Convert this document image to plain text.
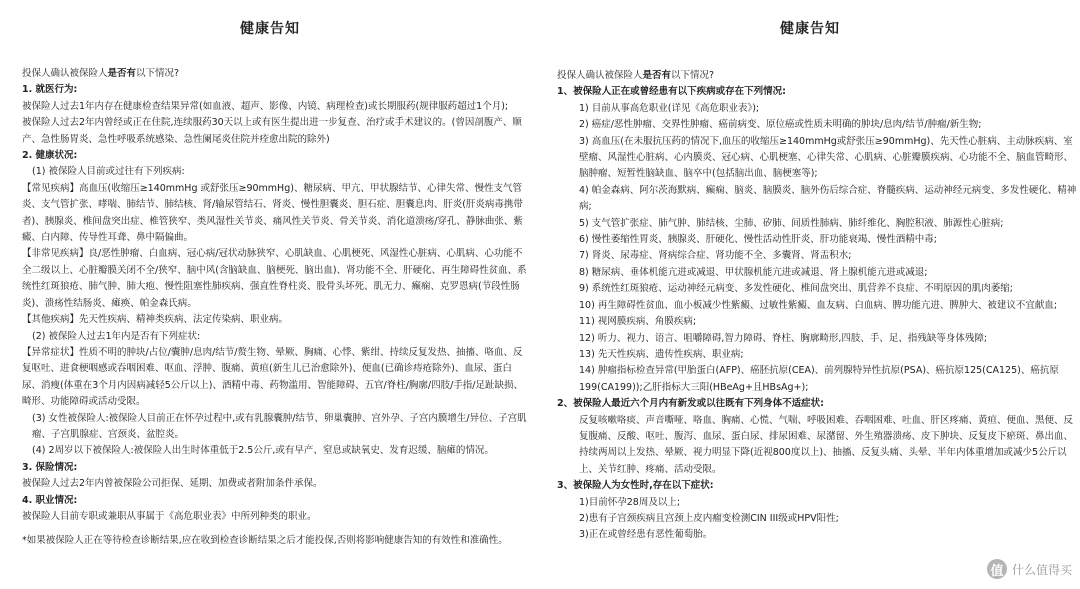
健康告知
投保人确认被保险人是否有以下情况?
1. 就医行为:
被保险人过去1年内存在健康检查结果异常(如血液、超声、影像、内镜、病理检查)或长期服药(规律服药超过1个月);
被保险人过去2年内曾经或正在住院,连续服药30天以上或有医生提出进一步复查、治疗或手术建议的。(曾因剖腹产、顺产、急性肠胃炎、急性呼吸系统感染、急性阑尾炎住院并痊愈出院的除外)
2. 健康状况:
(1) 被保险人目前或过往有下列疾病:
【常见疾病】高血压(收缩压≥140mmHg 或舒张压≥90mmHg)、糖尿病、甲亢、甲状腺结节、心律失常、慢性支气管炎、支气管扩张、哮喘、肺结节、肺结核、肾/输尿管结石、肾炎、慢性胆囊炎、胆石症、胆囊息肉、肝炎(肝炎病毒携带者)、胰腺炎、椎间盘突出症、椎管狭窄、类风湿性关节炎、痛风性关节炎、骨关节炎、消化道溃疡/穿孔、静脉曲张、紫癜、白内障、传导性耳聋、鼻中隔偏曲。
【非常见疾病】良/恶性肿瘤、白血病、冠心病/冠状动脉狭窄、心肌缺血、心肌梗死、风湿性心脏病、心肌病、心功能不全二级以上、心脏瓣膜关闭不全/狭窄、脑中风(含脑缺血、脑梗死、脑出血)、肾功能不全、肝硬化、再生障碍性贫血、系统性红斑狼疮、肺气肿、肺大疱、慢性阻塞性肺疾病、强直性脊柱炎、股骨头坏死、肌无力、癫痫、克罗恩病(节段性肠炎)、溃疡性结肠炎、瘫痪、帕金森氏病。
【其他疾病】先天性疾病、精神类疾病、法定传染病、职业病。
(2) 被保险人过去1年内是否有下列症状:
【异常症状】性质不明的肿块/占位/囊肿/息肉/结节/赘生物、晕厥、胸痛、心悸、紫绀、持续反复发热、抽搐、咯血、反复呕吐、进食梗咽感或吞咽困难、呕血、浮肿、腹痛、黄疸(新生儿已治愈除外)、便血(已确诊痔疮除外)、血尿、蛋白尿、消瘦(体重在3个月内因病减轻5公斤以上)、酒精中毒、药物滥用、智能障碍、五官/脊柱/胸廓/四肢/手指/足趾缺损、畸形、功能障碍或活动受限。
(3) 女性被保险人:被保险人目前正在怀孕过程中,或有乳腺囊肿/结节、卵巢囊肿、宫外孕、子宫内膜增生/异位、子宫肌瘤、子宫肌腺症、宫颈炎、盆腔炎。
(4) 2周岁以下被保险人:被保险人出生时体重低于2.5公斤,或有早产、窒息或缺氧史、发育迟缓、脑瘫的情况。
3. 保险情况:
被保险人过去2年内曾被保险公司拒保、延期、加费或者附加条件承保。
4. 职业情况:
被保险人目前专职或兼职从事属于《高危职业表》中所列种类的职业。
*如果被保险人正在等待检查诊断结果,应在收到检查诊断结果之后才能投保,否则将影响健康告知的有效性和准确性。
健康告知
投保人确认被保险人是否有以下情况?
1、被保险人正在或曾经患有以下疾病或存在下列情况:
1) 目前从事高危职业(详见《高危职业表》);
2) 癌症/恶性肿瘤、交界性肿瘤、癌前病变、原位癌或性质未明确的肿块/息肉/结节/肿瘤/新生物;
3) 高血压(在未服抗压药的情况下,血压的收缩压≥140mmHg或舒张压≥90mmHg)、先天性心脏病、主动脉疾病、室壁瘤、风湿性心脏病、心内膜炎、冠心病、心肌梗塞、心律失常、心肌病、心脏瓣膜疾病、心功能不全、脑血管畸形、脑肿瘤、短暂性脑缺血、脑卒中(包括脑出血、脑梗塞等);
4) 帕金森病、阿尔茨海默病、癫痫、脑炎、脑膜炎、脑外伤后综合症、脊髓疾病、运动神经元病变、多发性硬化、精神病;
5) 支气管扩张症、肺气肿、肺结核、尘肺、矽肺、间质性肺病、肺纤维化、胸腔积液、肺源性心脏病;
6) 慢性萎缩性胃炎、胰腺炎、肝硬化、慢性活动性肝炎、肝功能衰竭、慢性酒精中毒;
7) 肾炎、尿毒症、肾病综合症、肾功能不全、多囊肾、肾盂积水;
8) 糖尿病、垂体机能亢进或减退、甲状腺机能亢进或减退、肾上腺机能亢进或减退;
9) 系统性红斑狼疮、运动神经元病变、多发性硬化、椎间盘突出、肌营养不良症、不明原因的肌肉萎缩;
10) 再生障碍性贫血、血小板减少性紫癜、过敏性紫癜、血友病、白血病、脾功能亢进、脾肿大、被建议不宜献血;
11) 视网膜疾病、角膜疾病;
12) 听力、视力、语言、咀嚼障碍,智力障碍、脊柱、胸廓畸形,四肢、手、足、指残缺等身体残障;
13) 先天性疾病、遗传性疾病、职业病;
14) 肿瘤指标检查异常(甲胎蛋白(AFP)、癌胚抗原(CEA)、前列腺特异性抗原(PSA)、癌抗原125(CA125)、癌抗原199(CA199));乙肝指标大三阳(HBeAg+且HBsAg+);
2、被保险人最近六个月内有新发或以往既有下列身体不适症状:
反复咳嗽咯痰、声音嘶哑、咯血、胸痛、心慌、气喘、呼吸困难、吞咽困难、吐血、肝区疼痛、黄疸、便血、黑便、反复腹痛、反酸、呕吐、腹泻、血尿、蛋白尿、排尿困难、尿潴留、外生殖器溃疡、皮下肿块、反复皮下瘀斑、鼻出血、持续两周以上发热、晕厥、视力明显下降(近视800度以上)、抽搐、反复头痛、头晕、半年内体重增加或减少5公斤以上、关节红肿、疼痛、活动受限。
3、被保险人为女性时,存在以下症状:
1)目前怀孕28周及以上;
2)患有子宫颈疾病且宫颈上皮内瘤变检测CIN III级或HPV阳性;
3)正在或曾经患有恶性葡萄胎。
值 什么值得买
